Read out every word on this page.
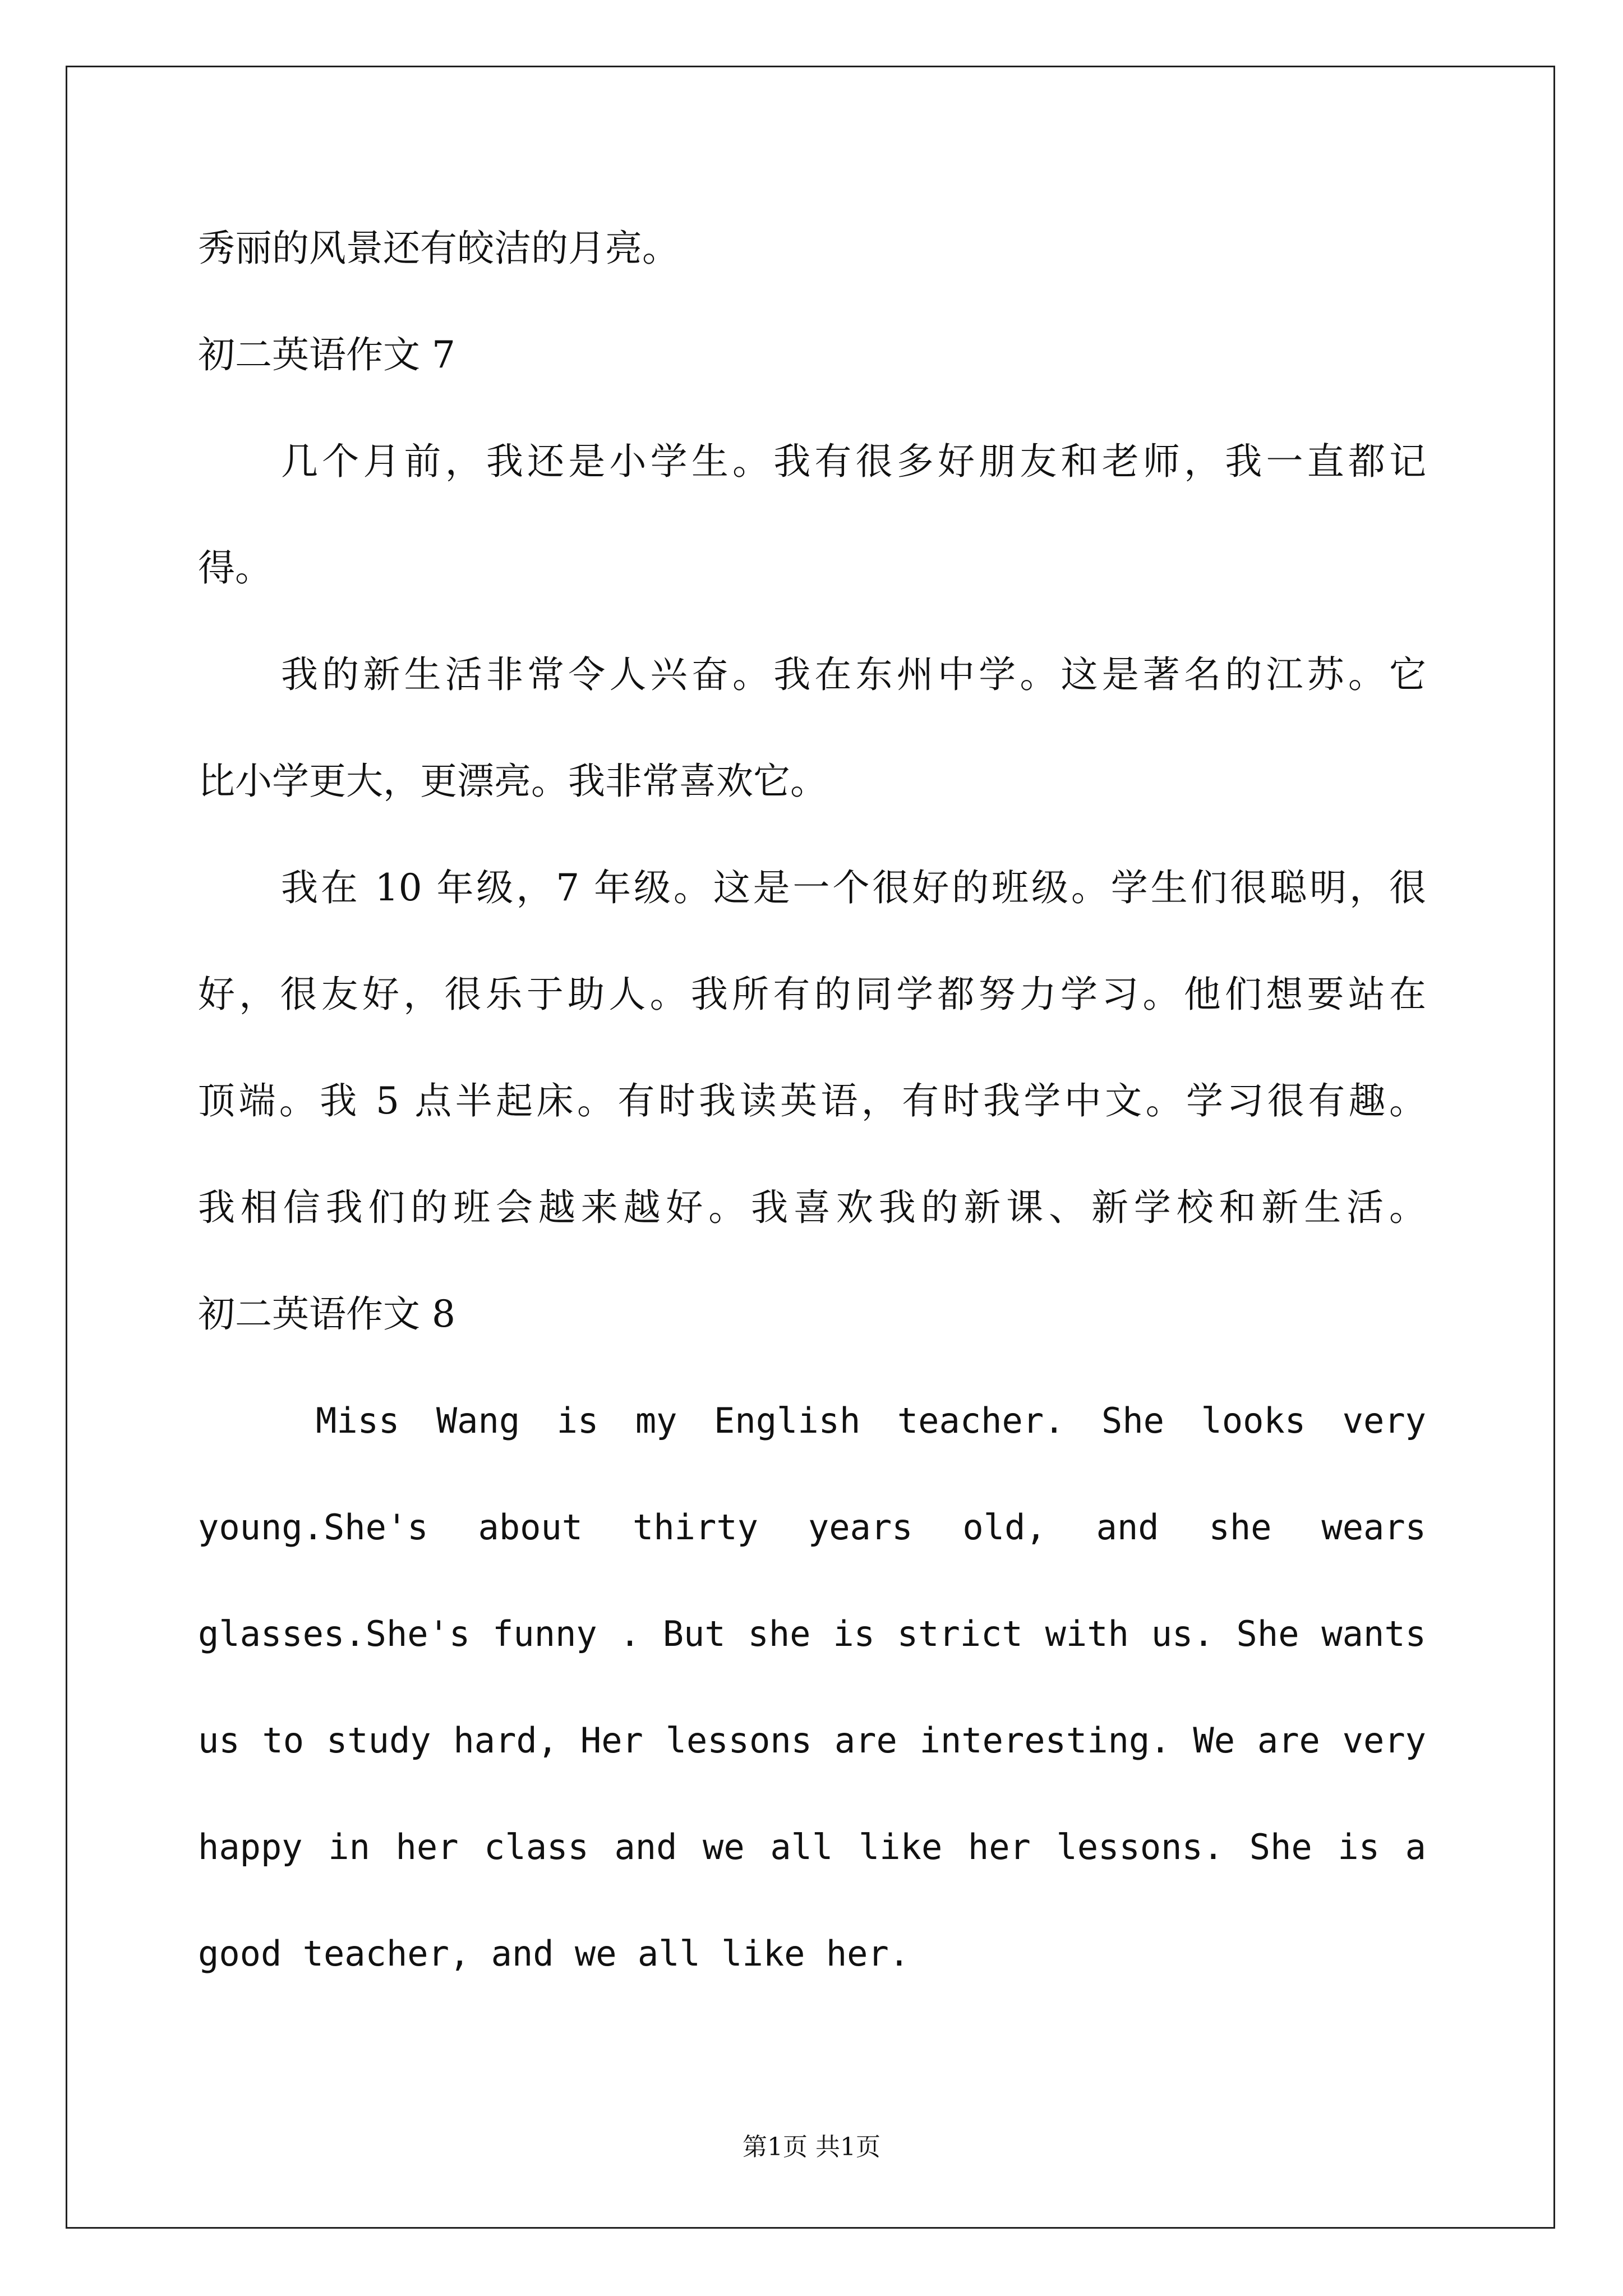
秀丽的风景还有皎洁的月亮。
初二英语作文 7
几个月前，我还是小学生。我有很多好朋友和老师，我一直都记
得。
我的新生活非常令人兴奋。我在东州中学。这是著名的江苏。它
比小学更大，更漂亮。我非常喜欢它。
我在 10 年级，7 年级。这是一个很好的班级。学生们很聪明，很
好，很友好，很乐于助人。我所有的同学都努力学习。他们想要站在
顶端。我 5 点半起床。有时我读英语，有时我学中文。学习很有趣。
我相信我们的班会越来越好。我喜欢我的新课、新学校和新生活。
初二英语作文 8
Miss Wang is my English teacher. She looks very
young.She's about thirty years old, and she wears
glasses.She's funny . But she is strict with us. She wants
us to study hard, Her lessons are interesting. We are very
happy in her class and we all like her lessons. She is a
good teacher, and we all like her.
第1页 共1页
